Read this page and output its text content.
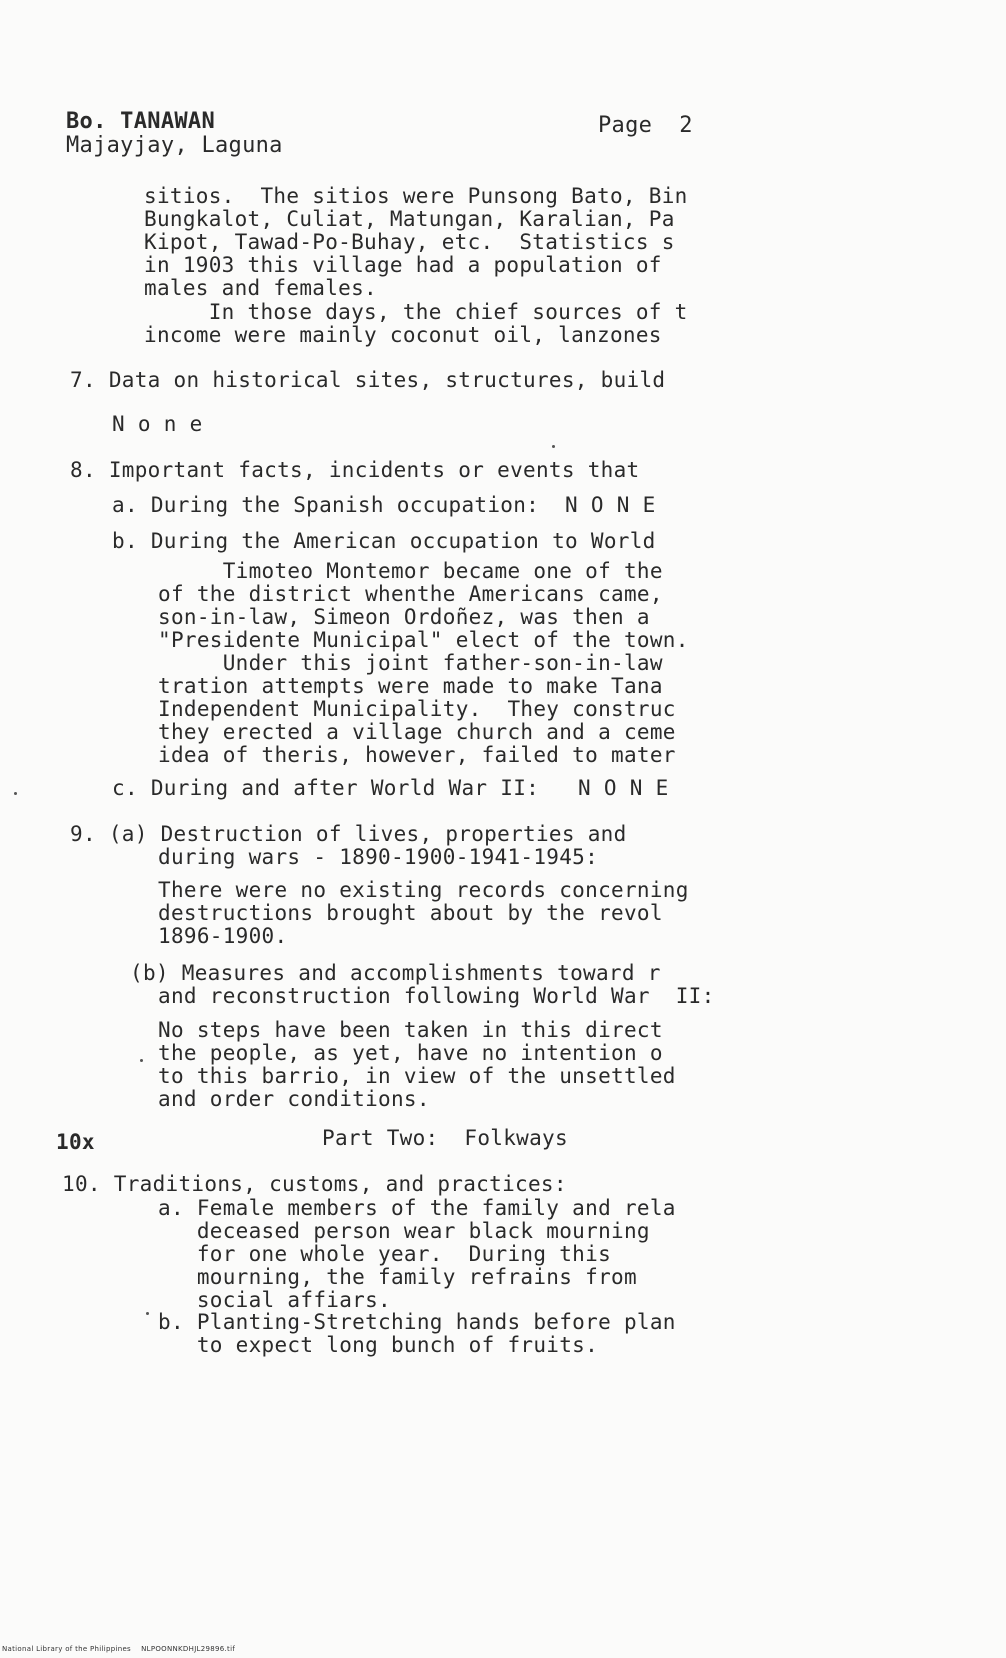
Bo. TANAWAN

Majayjay, Laguna

Page  2

sitios.  The sitios were Punsong Bato, Bin

Bungkalot, Culiat, Matungan, Karalian, Pa

Kipot, Tawad-Po-Buhay, etc.  Statistics s

in 1903 this village had a population of

males and females.

In those days, the chief sources of t

income were mainly coconut oil, lanzones

7. Data on historical sites, structures, build

N o n e

8. Important facts, incidents or events that

a. During the Spanish occupation:  N O N E

b. During the American occupation to World

Timoteo Montemor became one of the

of the district whenthe Americans came,

son-in-law, Simeon Ordoñez, was then a

"Presidente Municipal" elect of the town.

Under this joint father-son-in-law

tration attempts were made to make Tana

Independent Municipality.  They construc

they erected a village church and a ceme

idea of theris, however, failed to mater

c. During and after World War II:   N O N E

9. (a) Destruction of lives, properties and

during wars - 1890-1900-1941-1945:

There were no existing records concerning

destructions brought about by the revol

1896-1900.

(b) Measures and accomplishments toward r

and reconstruction following World War  II:

No steps have been taken in this direct

the people, as yet, have no intention o

to this barrio, in view of the unsettled

and order conditions.

10x	Part Two:  Folkways

10. Traditions, customs, and practices:

a. Female members of the family and rela

deceased person wear black mourning

for one whole year.  During this

mourning, the family refrains from

social affiars.

b. Planting-Stretching hands before plan

to expect long bunch of fruits.

National Library of the Philippines    NLPOONNKDHJL29896.tif
